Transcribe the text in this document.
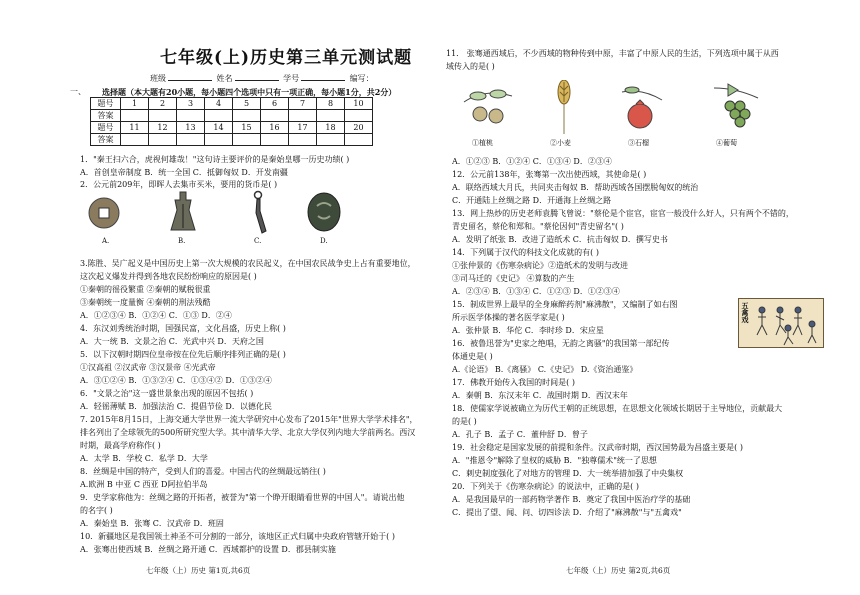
七年级(上)历史第三单元测试题
班级	姓名	学号	编写：
一、 选择题（本大题有20小题，每小题四个选项中只有一项正确，每小题1分，共2分）
题号	1	2	3	4	5	6	7	8	10
答案									
题号	11	12	13	14	15	16	17	18	20
答案									
1．"秦王扫六合，虎视何雄哉！"这句诗主要评价的是秦始皇哪一历史功绩( )
A．首创皇帝制度 B．统一全国 C．抵御匈奴 D．开发南疆
2．公元前209年，即晖人去集市买米，要用的货币是( )
A.	B.	C.	D.
3.陈胜、吴广起义是中国历史上第一次大规模的农民起义，在中国农民战争史上占有重要地位，
这次起义爆发并得到各地农民纷纷响应的原因是( )
①秦朝的徭役繁重 ②秦朝的赋税很重
③秦朝统一度量衡 ④秦朝的刑法残酷
A．①②③④ B．①②④ C．①③ D．②④
4．东汉刘秀统治时期，国强民富，文化昌盛，历史上称( )
A．大一统 B．文景之治 C．光武中兴 D．天府之国
5．以下汉朝时期四位皇帝按在位先后顺序排列正确的是( )
①汉高祖 ②汉武帝 ③汉景帝 ④光武帝
A．③①②④ B．①③②④ C．①③④② D．①③②④
6．"文景之治"这一盛世景象出现的原因不包括( )
A．轻徭薄赋 B．加强法治 C．提倡节俭 D．以德化民
7. 2015年8月15日，上海交通大学世界一流大学研究中心发布了2015年"世界大学学术排名"，
排名列出了全球领先的500所研究型大学。其中清华大学、北京大学仅列内地大学前两名。西汉
时期，最高学府称作( )
A．太学 B．学校 C．私学 D．大学
8．丝绸是中国的特产，受到人们的喜爱。中国古代的丝绸最远销往( )
A.欧洲 B 中亚 C 西亚 D阿拉伯半岛
9．史学家称他为：丝绸之路的开拓者，被誉为"第一个睁开眼睛看世界的中国人"。请说出他
的名字( )
A．秦始皇 B．张骞 C．汉武帝 D．班固
10．新疆地区是我国领土神圣不可分割的一部分，该地区正式归属中央政府管辖开始于( )
A．张骞出使西域 B．丝绸之路开通 C．西域都护的设置 D．郡县制实施
七年级（上）历史 第1页,共6页
11． 张骞通西域后，不少西域的物种传到中原，丰富了中原人民的生活，下列选项中属于从西
域传入的是( )
①植桃	②小麦	③石榴	④葡萄
A．①②③ B．①②④ C．①③④ D．②③④
12．公元前138年，张骞第一次出使西域，其使命是( )
A．联络西域大月氏，共同夹击匈奴 B．帮助西域各国摆脱匈奴的统治
C．开通陆上丝绸之路 D．开通海上丝绸之路
13．网上热炒的历史老师袁腾飞曾说："蔡伦是个宦官，宦官一般没什么好人，只有两个不错的，
青史留名，蔡伦和郑和。"蔡伦因何"青史留名"( )
A．发明了纸张 B．改进了造纸术 C．抗击匈奴 D．撰写史书
14．下列属于汉代的科技文化成就的有( )
①张仲景的《伤寒杂病论》②造纸术的发明与改进
③司马迁的《史记》 ④算数的产生
A．②③④ B．①③④ C．①②③ D．①②③④
15．制成世界上最早的全身麻醉药剂"麻沸散"，又编制了如右图
所示医学体操的著名医学家是( )
A．张仲景 B．华佗 C．李时珍 D．宋应星
16．被鲁迅誉为"史家之绝唱，无韵之离骚"的我国第一部纪传
体通史是( )
五禽戏
A.《论语》 B.《离骚》 C.《史记》 D.《资治通鉴》
17．佛教开始传入我国的时间是( )
A．秦朝 B．东汉末年 C．战国时期 D．西汉末年
18．使儒家学说被确立为历代王朝的正统思想，在思想文化领域长期居于主导地位，贡献最大
的是( )
A．孔子 B．孟子 C．董仲舒 D．曾子
19．社会稳定是国家发展的前提和条件。汉武帝时期，西汉国势最为昌盛主要是( )
A．"推恩令"解除了皇权的威胁 B．"独尊儒术"统一了思想
C．刺史制度强化了对地方的管理 D．大一统举措加强了中央集权
20．下列关于《伤寒杂病论》的说法中，正确的是( )
A．是我国最早的一部药物学著作 B．奠定了我国中医治疗学的基础
C．提出了望、闻、问、切四诊法 D．介绍了"麻沸散"与"五禽戏"
七年级（上）历史 第2页,共6页
